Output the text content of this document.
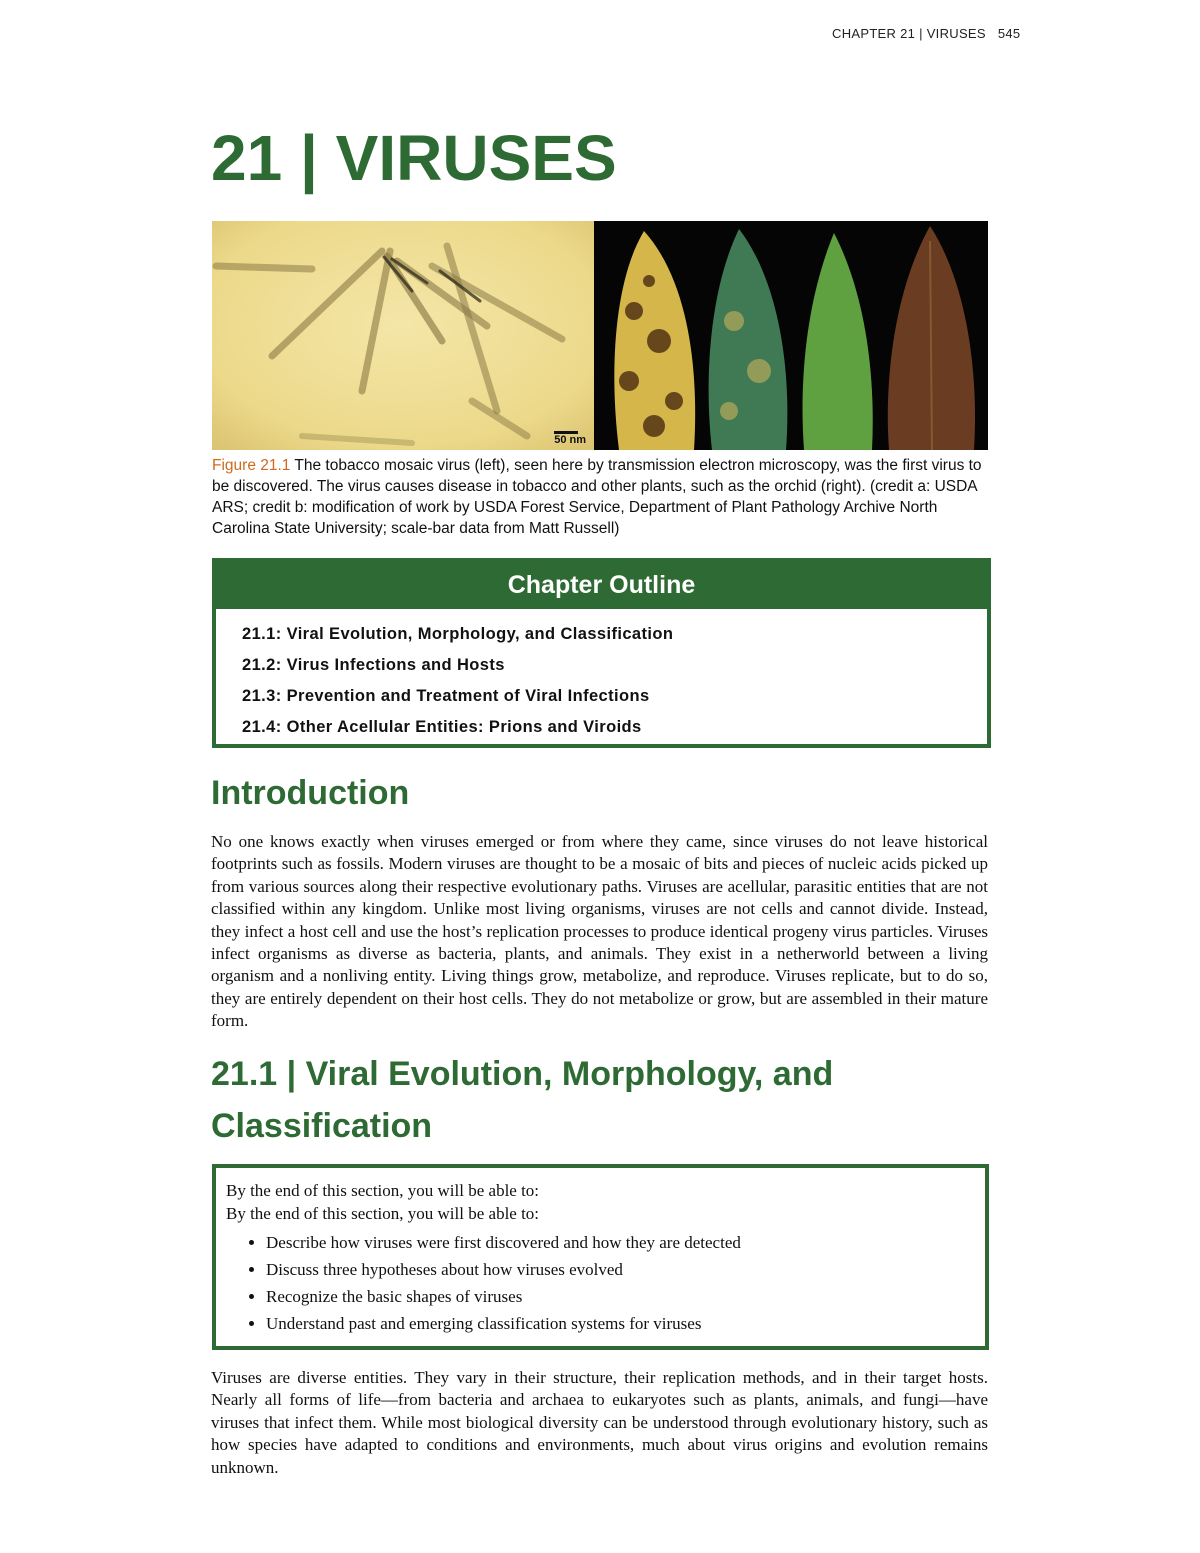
CHAPTER 21 | VIRUSES 545
21 | VIRUSES
50 nm
Figure 21.1 The tobacco mosaic virus (left), seen here by transmission electron microscopy, was the first virus to be discovered. The virus causes disease in tobacco and other plants, such as the orchid (right). (credit a: USDA ARS; credit b: modification of work by USDA Forest Service, Department of Plant Pathology Archive North Carolina State University; scale-bar data from Matt Russell)
Chapter Outline
21.1: Viral Evolution, Morphology, and Classification
21.2: Virus Infections and Hosts
21.3: Prevention and Treatment of Viral Infections
21.4: Other Acellular Entities: Prions and Viroids
Introduction

No one knows exactly when viruses emerged or from where they came, since viruses do not leave historical footprints such as fossils. Modern viruses are thought to be a mosaic of bits and pieces of nucleic acids picked up from various sources along their respective evolutionary paths. Viruses are acellular, parasitic entities that are not classified within any kingdom. Unlike most living organisms, viruses are not cells and cannot divide. Instead, they infect a host cell and use the host’s replication processes to produce identical progeny virus particles. Viruses infect organisms as diverse as bacteria, plants, and animals. They exist in a netherworld between a living organism and a nonliving entity. Living things grow, metabolize, and reproduce. Viruses replicate, but to do so, they are entirely dependent on their host cells. They do not metabolize or grow, but are assembled in their mature form.

21.1 | Viral Evolution, Morphology, and
Classification
By the end of this section, you will be able to:
By the end of this section, you will be able to:
• Describe how viruses were first discovered and how they are detected
• Discuss three hypotheses about how viruses evolved
• Recognize the basic shapes of viruses
• Understand past and emerging classification systems for viruses

Viruses are diverse entities. They vary in their structure, their replication methods, and in their target hosts. Nearly all forms of life—from bacteria and archaea to eukaryotes such as plants, animals, and fungi—have viruses that infect them. While most biological diversity can be understood through evolutionary history, such as how species have adapted to conditions and environments, much about virus origins and evolution remains unknown.
